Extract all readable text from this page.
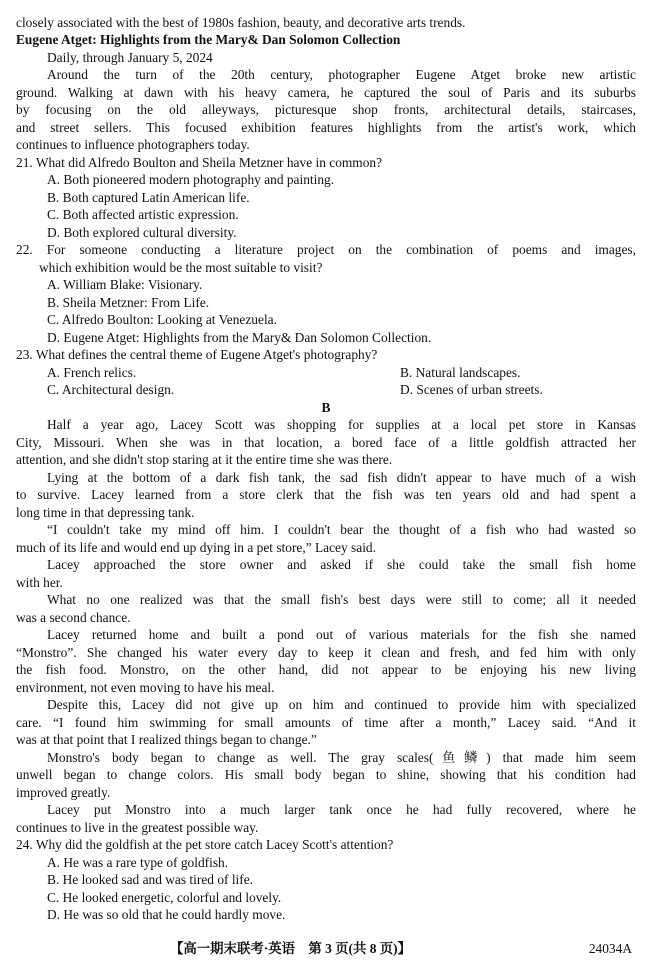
closely associated with the best of 1980s fashion, beauty, and decorative arts trends.
Eugene Atget: Highlights from the Mary& Dan Solomon Collection
Daily, through January 5, 2024
Around the turn of the 20th century, photographer Eugene Atget broke new artistic
ground. Walking at dawn with his heavy camera, he captured the soul of Paris and its suburbs
by focusing on the old alleyways, picturesque shop fronts, architectural details, staircases,
and street sellers. This focused exhibition features highlights from the artist's work, which
continues to influence photographers today.
21. What did Alfredo Boulton and Sheila Metzner have in common?
A. Both pioneered modern photography and painting.
B. Both captured Latin American life.
C. Both affected artistic expression.
D. Both explored cultural diversity.
22. For someone conducting a literature project on the combination of poems and images,
which exhibition would be the most suitable to visit?
A. William Blake: Visionary.
B. Sheila Metzner: From Life.
C. Alfredo Boulton: Looking at Venezuela.
D. Eugene Atget: Highlights from the Mary& Dan Solomon Collection.
23. What defines the central theme of Eugene Atget's photography?
B
Half a year ago, Lacey Scott was shopping for supplies at a local pet store in Kansas
City, Missouri. When she was in that location, a bored face of a little goldfish attracted her
attention, and she didn't stop staring at it the entire time she was there.
Lying at the bottom of a dark fish tank, the sad fish didn't appear to have much of a wish
to survive. Lacey learned from a store clerk that the fish was ten years old and had spent a
long time in that depressing tank.
“I couldn't take my mind off him. I couldn't bear the thought of a fish who had wasted so
much of its life and would end up dying in a pet store,” Lacey said.
Lacey approached the store owner and asked if she could take the small fish home
with her.
What no one realized was that the small fish's best days were still to come; all it needed
was a second chance.
Lacey returned home and built a pond out of various materials for the fish she named
“Monstro”. She changed his water every day to keep it clean and fresh, and fed him with only
the fish food. Monstro, on the other hand, did not appear to be enjoying his new living
environment, not even moving to have his meal.
Despite this, Lacey did not give up on him and continued to provide him with specialized
care. “I found him swimming for small amounts of time after a month,” Lacey said. “And it
was at that point that I realized things began to change.”
Monstro's body began to change as well. The gray scales(鱼鳞) that made him seem
unwell began to change colors. His small body began to shine, showing that his condition had
improved greatly.
Lacey put Monstro into a much larger tank once he had fully recovered, where he
continues to live in the greatest possible way.
24. Why did the goldfish at the pet store catch Lacey Scott's attention?
A. He was a rare type of goldfish.
B. He looked sad and was tired of life.
C. He looked energetic, colorful and lovely.
D. He was so old that he could hardly move.
A. French relics.	B. Natural landscapes.
C. Architectural design.	D. Scenes of urban streets.
【高一期末联考·英语　第 3 页(共 8 页)】	24034A
